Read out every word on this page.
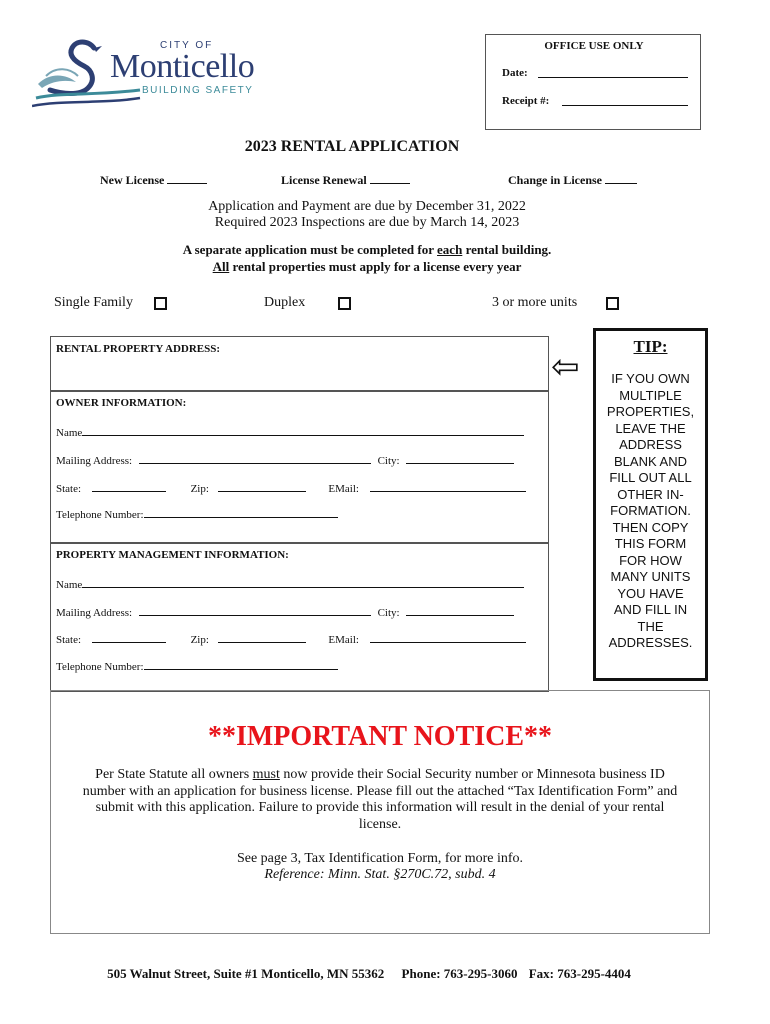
CITY OF
Monticello
BUILDING SAFETY
OFFICE USE ONLY
Date:
Receipt #:
2023 RENTAL APPLICATION
New License	License Renewal	Change in License
Application and Payment are due by December 31, 2022
Required 2023 Inspections are due by March 14, 2023
A separate application must be completed for each rental building.
All rental properties must apply for a license every year
Single Family	Duplex	3 or more units
RENTAL PROPERTY ADDRESS:
OWNER INFORMATION:
Name
Mailing Address:	City:
State:	Zip:	EMail:
Telephone Number:
PROPERTY MANAGEMENT INFORMATION:
Name
Mailing Address:	City:
State:	Zip:	EMail:
Telephone Number:
⇦
TIP:
IF YOU OWN
MULTIPLE
PROPERTIES,
LEAVE THE
ADDRESS
BLANK AND
FILL OUT ALL
OTHER IN-
FORMATION.
THEN COPY
THIS FORM
FOR HOW
MANY UNITS
YOU HAVE
AND FILL IN
THE
ADDRESSES.
**IMPORTANT NOTICE**
Per State Statute all owners must now provide their Social Security number or Minnesota business ID
number with an application for business license. Please fill out the attached “Tax Identification Form” and
submit with this application. Failure to provide this information will result in the denial of your rental
license.
See page 3, Tax Identification Form, for more info.
Reference: Minn. Stat. §270C.72, subd. 4
505 Walnut Street, Suite #1 Monticello, MN 55362 Phone: 763-295-3060 Fax: 763-295-4404
